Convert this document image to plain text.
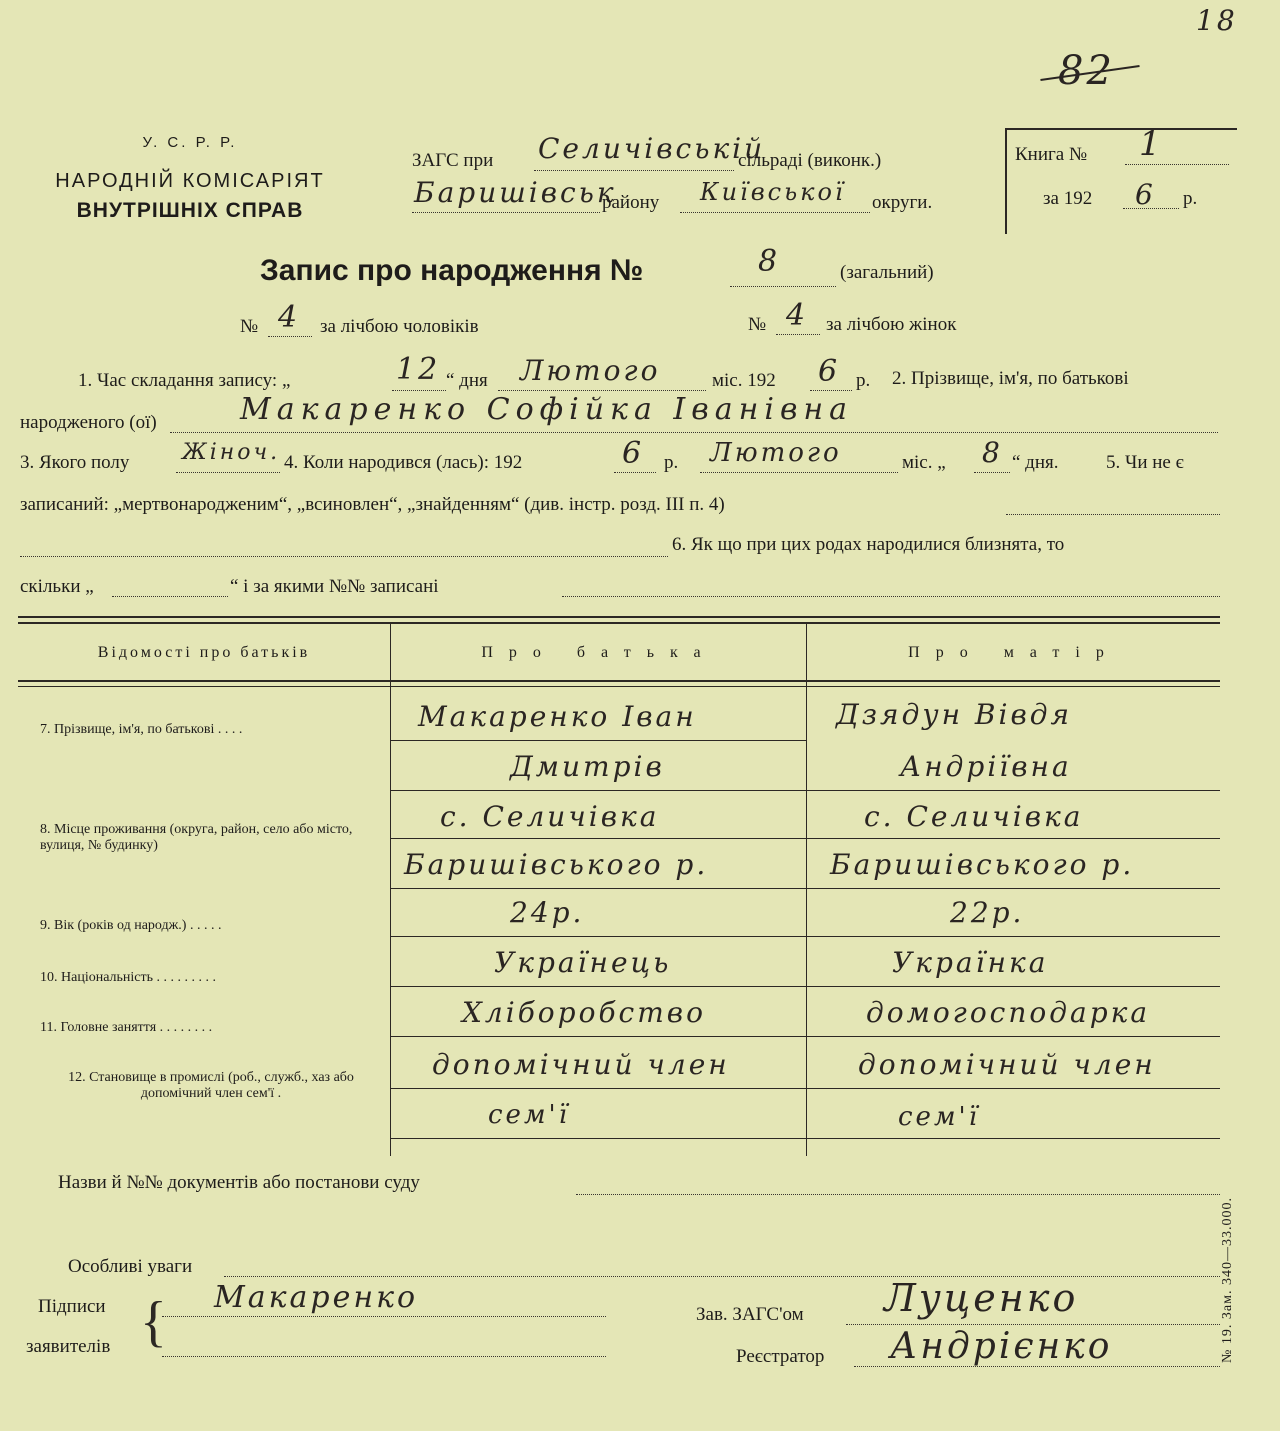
18
82
У. С. Р. Р.
НАРОДНІЙ КОМІСАРІЯТ
ВНУТРІШНІХ СПРАВ
ЗАГС при Селичівській
сільраді (виконк.)
Баришівськ
району Київської округи.
Книга № 1
за 192 6 р.
Запис про народження №	8	(загальний)
№ 4 за лічбою чоловіків	№ 4 за лічбою жінок
1. Час складання запису: „	12 “ дня Лютого	міс. 192 6 р. 2. Прізвище, ім'я, по батькові
народженого (ої)	Макаренко Софійка Іванівна
3. Якого полу Жіноч. 4. Коли народився (лась): 192	6 р. Лютого	міс. „ 8 “ дня. 5. Чи не є
записаний: „мертвонародженим“, „всиновлен“, „знайденням“ (див. інстр. розд. III п. 4)
6. Як що при цих родах народилися близнята, то
скільки „	“ і за якими №№ записані
Відомості про батьків	Про батька	Про матір
7. Прізвище, ім'я, по батькові . . . .	Макаренко Іван	Дзядун Вівдя
Дмитрів	Андріївна
8. Місце проживання (округа, район, село або місто, вулиця, № будинку)
с. Селичівка	с. Селичівка
Баришівського р.	Баришівського р.
9. Вік (років од народж.) . . . . .	24р.	22р.
10. Національність . . . . . . . . .	Українець	Українка
11. Головне заняття . . . . . . . .	Хліборобство	домогосподарка
12. Становище в промислі (роб., служб., хаз або допомічний член сем'ї .
допомічний член	допомічний член
сем'ї	сем'ї
Назви й №№ документів або постанови суду
Особливі уваги
Підписи
заявителів { Макаренко	Зав. ЗАГС'ом Луценко
Реєстратор Андрієнко	№ 19. Зам. 340—33.000.
